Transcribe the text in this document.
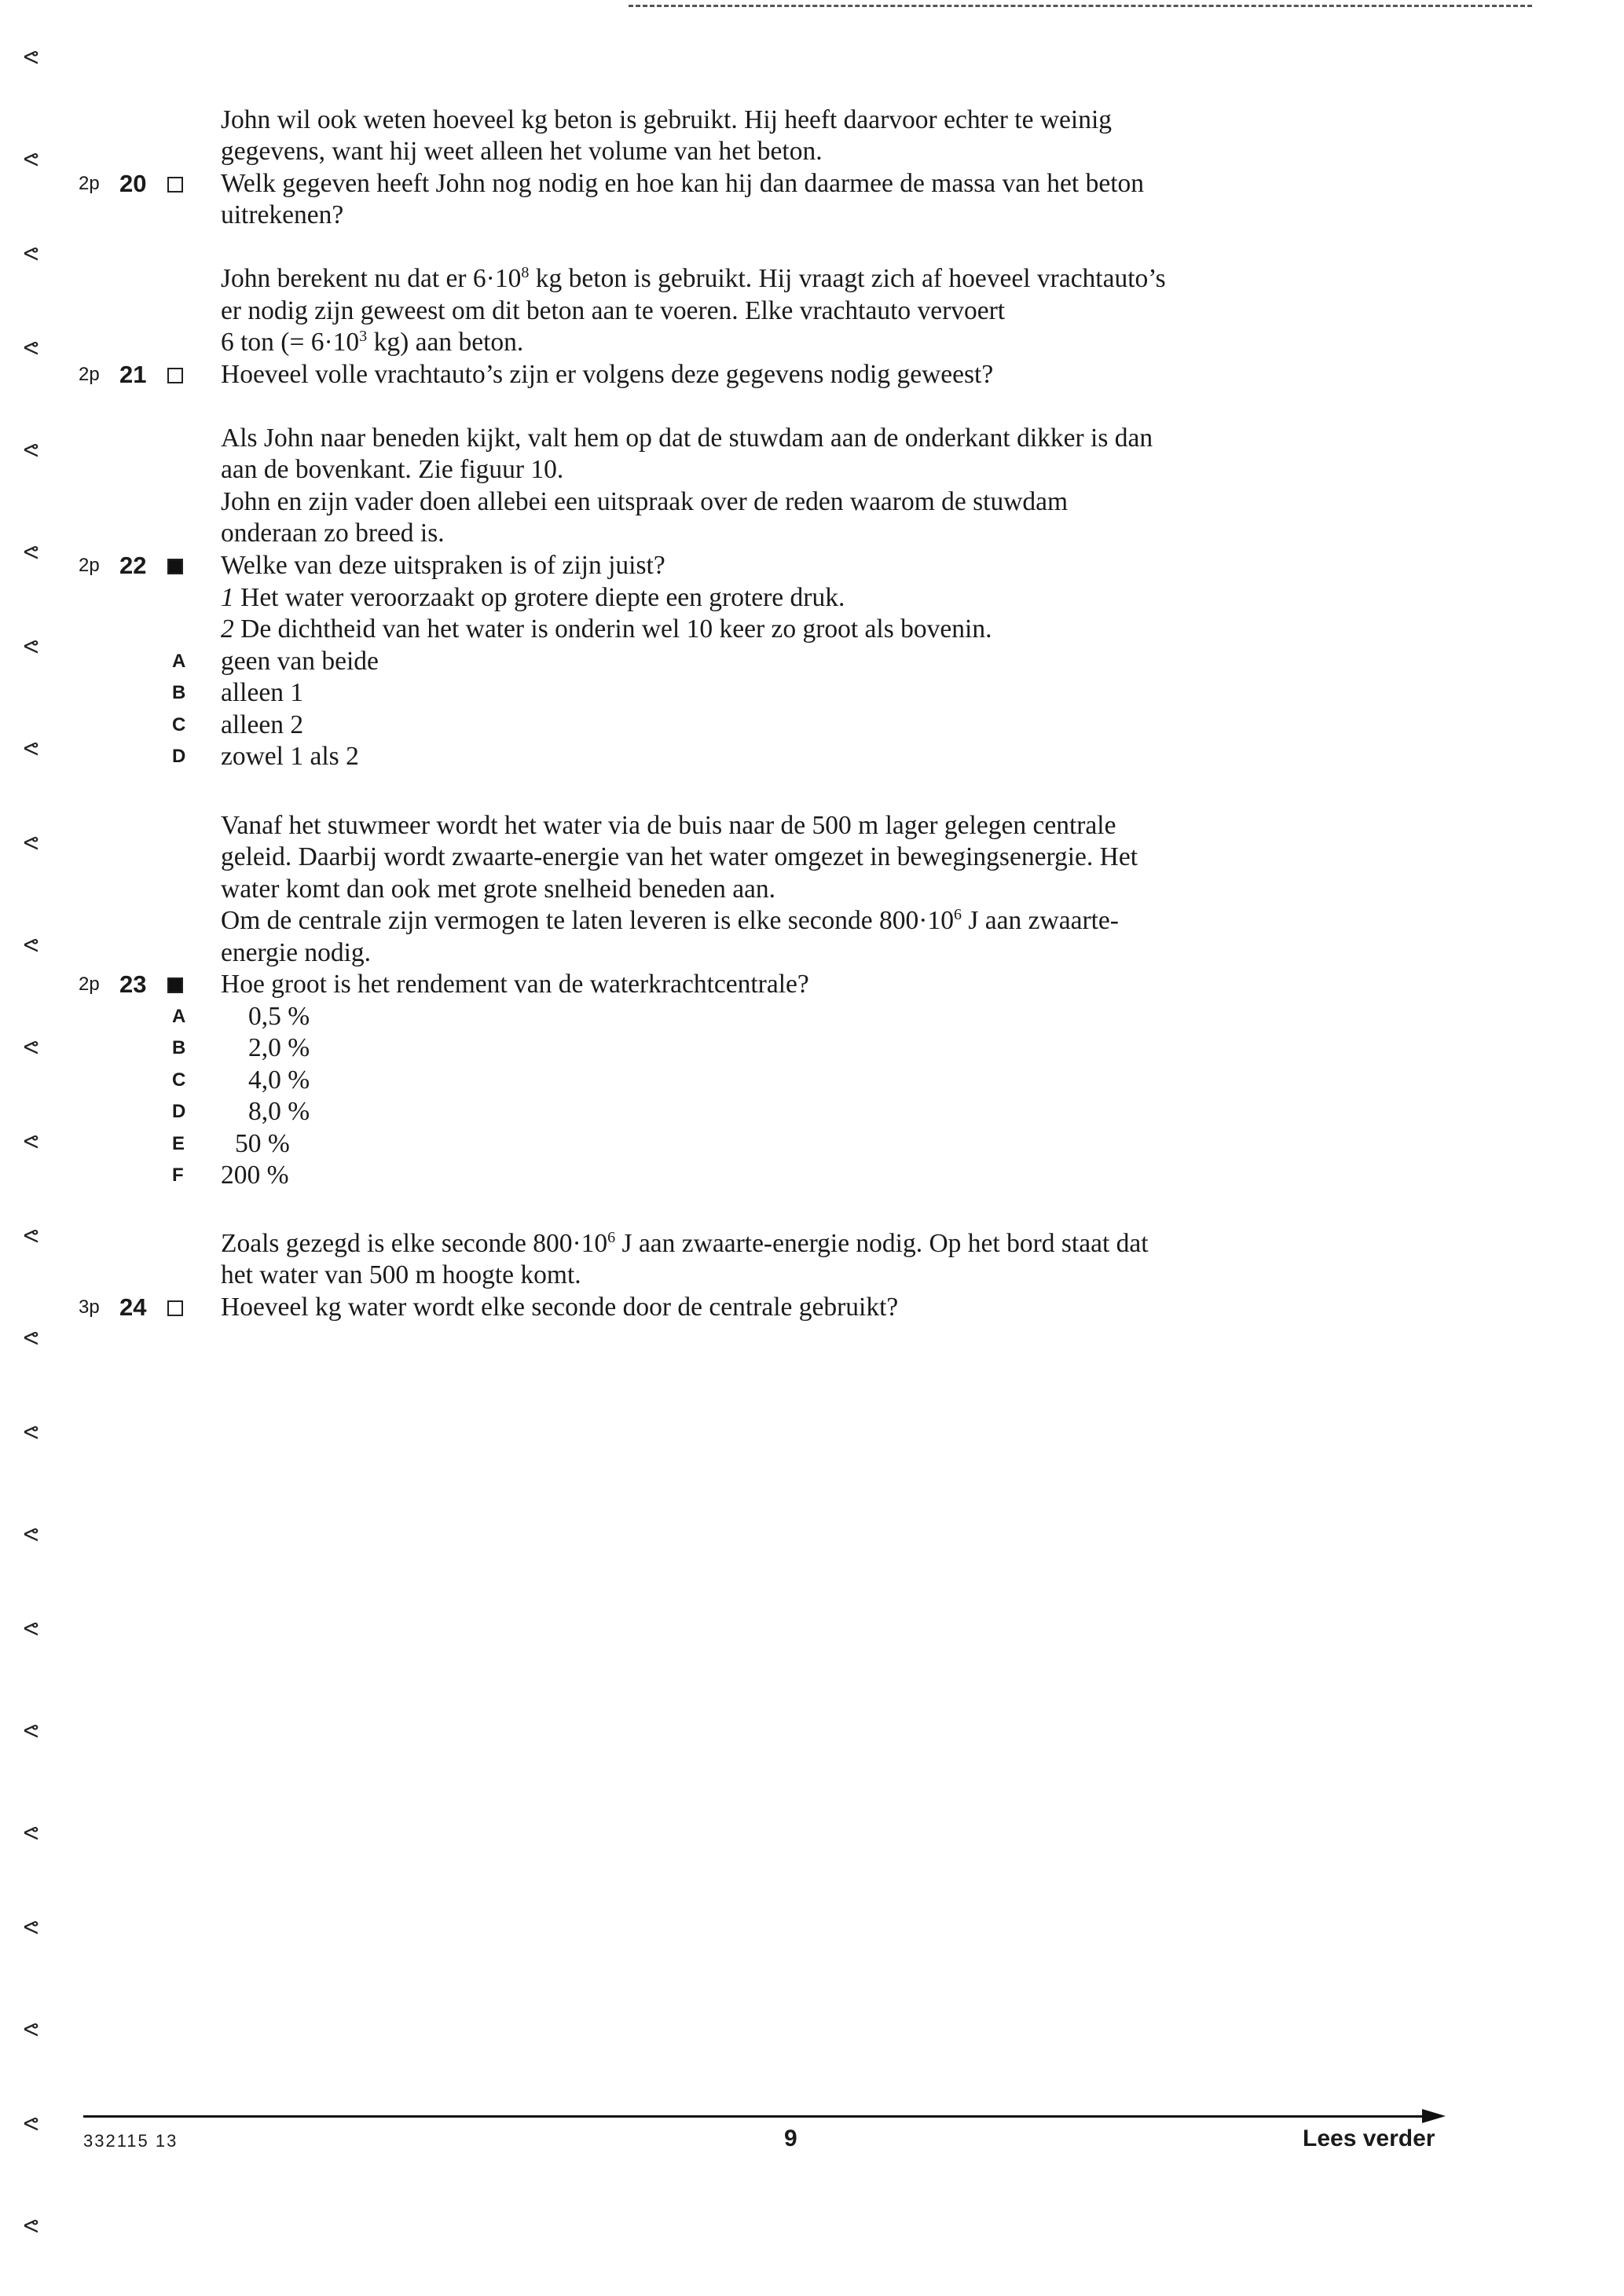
ᕝ
ᕝ
ᕝ
ᕝ
ᕝ
ᕝ
ᕝ
ᕝ
ᕝ
ᕝ
ᕝ
ᕝ
ᕝ
ᕝ
ᕝ
ᕝ
ᕝ
ᕝ
ᕝ
ᕝ
ᕝ
ᕝ
ᕝ
John wil ook weten hoeveel kg beton is gebruikt. Hij heeft daarvoor echter te weinig
gegevens, want hij weet alleen het volume van het beton.
2p 20	Welk gegeven heeft John nog nodig en hoe kan hij dan daarmee de massa van het beton
uitrekenen?
John berekent nu dat er $6\cdot 10^8$ kg beton is gebruikt. Hij vraagt zich af hoeveel vrachtauto’s
er nodig zijn geweest om dit beton aan te voeren. Elke vrachtauto vervoert
6 ton (= $6\cdot 10^3$ kg) aan beton.
2p 21	Hoeveel volle vrachtauto’s zijn er volgens deze gegevens nodig geweest?
Als John naar beneden kijkt, valt hem op dat de stuwdam aan de onderkant dikker is dan
aan de bovenkant. Zie figuur 10.
John en zijn vader doen allebei een uitspraak over de reden waarom de stuwdam
onderaan zo breed is.
2p 22	Welke van deze uitspraken is of zijn juist?
1 Het water veroorzaakt op grotere diepte een grotere druk.
2 De dichtheid van het water is onderin wel 10 keer zo groot als bovenin.
A geen van beide
B alleen 1
C alleen 2
D zowel 1 als 2
Vanaf het stuwmeer wordt het water via de buis naar de 500 m lager gelegen centrale
geleid. Daarbij wordt zwaarte-energie van het water omgezet in bewegingsenergie. Het
water komt dan ook met grote snelheid beneden aan.
Om de centrale zijn vermogen te laten leveren is elke seconde $800\cdot 10^6$ J aan zwaarte-
energie nodig.
2p 23	Hoe groot is het rendement van de waterkrachtcentrale?
A 0,5 %
B 2,0 %
C 4,0 %
D 8,0 %
E 50 %
F 200 %
Zoals gezegd is elke seconde $800\cdot 10^6$ J aan zwaarte-energie nodig. Op het bord staat dat
het water van 500 m hoogte komt.
3p 24	Hoeveel kg water wordt elke seconde door de centrale gebruikt?
332115 13	9	Lees verder
